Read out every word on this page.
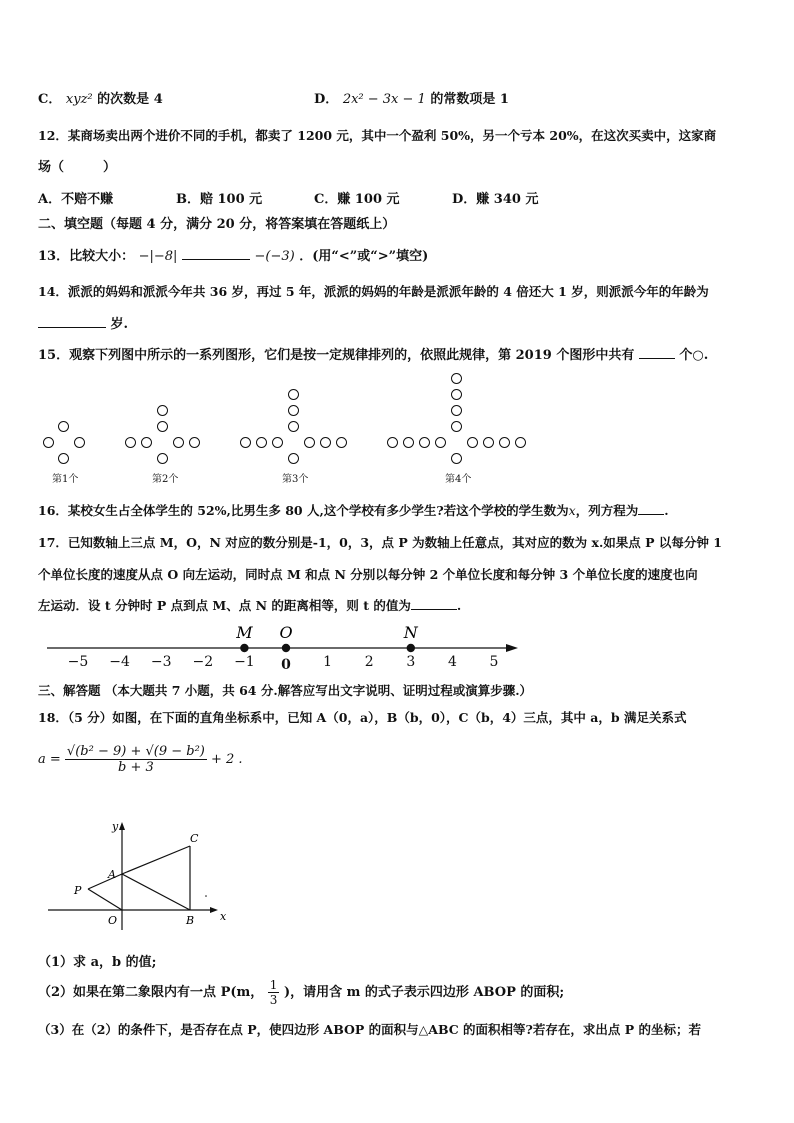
C． xyz² 的次数是 4	D． 2x² − 3x − 1 的常数项是 1
12．某商场卖出两个进价不同的手机，都卖了 1200 元，其中一个盈利 50%，另一个亏本 20%，在这次买卖中，这家商
场（　　　）
A．不赔不赚	B．赔 100 元	C．赚 100 元	D．赚 340 元
二、填空题（每题 4 分，满分 20 分，将答案填在答题纸上）
13．比较大小： −|−8|	−(−3) ．(用“<”或“>”填空)
14．派派的妈妈和派派今年共 36 岁，再过 5 年，派派的妈妈的年龄是派派年龄的 4 倍还大 1 岁，则派派今年的年龄为
岁.
15．观察下列图中所示的一系列图形，它们是按一定规律排列的，依照此规律，第 2019 个图形中共有	个○.
第1个	第2个	第3个	第4个
16．某校女生占全体学生的 52%,比男生多 80 人,这个学校有多少学生?若这个学校的学生数为x，列方程为 .
17．已知数轴上三点 M，O，N 对应的数分别是-1，0，3，点 P 为数轴上任意点，其对应的数为 x.如果点 P 以每分钟 1
个单位长度的速度从点 O 向左运动，同时点 M 和点 N 分别以每分钟 2 个单位长度和每分钟 3 个单位长度的速度也向
左运动．设 t 分钟时 P 点到点 M、点 N 的距离相等，则 t 的值为	.
−5 −4 −3 −2 −1 0 1 2 3 4 5
M O	N
三、解答题 （本大题共 7 小题，共 64 分.解答应写出文字说明、证明过程或演算步骤.）
18．（5 分）如图，在下面的直角坐标系中，已知 A（0，a），B（b，0），C（b，4）三点，其中 a，b 满足关系式
$a = \frac{\text{√(b² − 9) + √(9 − b²)}}{b + 3} + 2$ .
y
x
C
A
P
O	B
（1）求 a，b 的值;
（2）如果在第二象限内有一点 P(m， $\frac{1}{3}$ )，请用含 m 的式子表示四边形 ABOP 的面积;
（3）在（2）的条件下，是否存在点 P，使四边形 ABOP 的面积与△ABC 的面积相等?若存在，求出点 P 的坐标；若
